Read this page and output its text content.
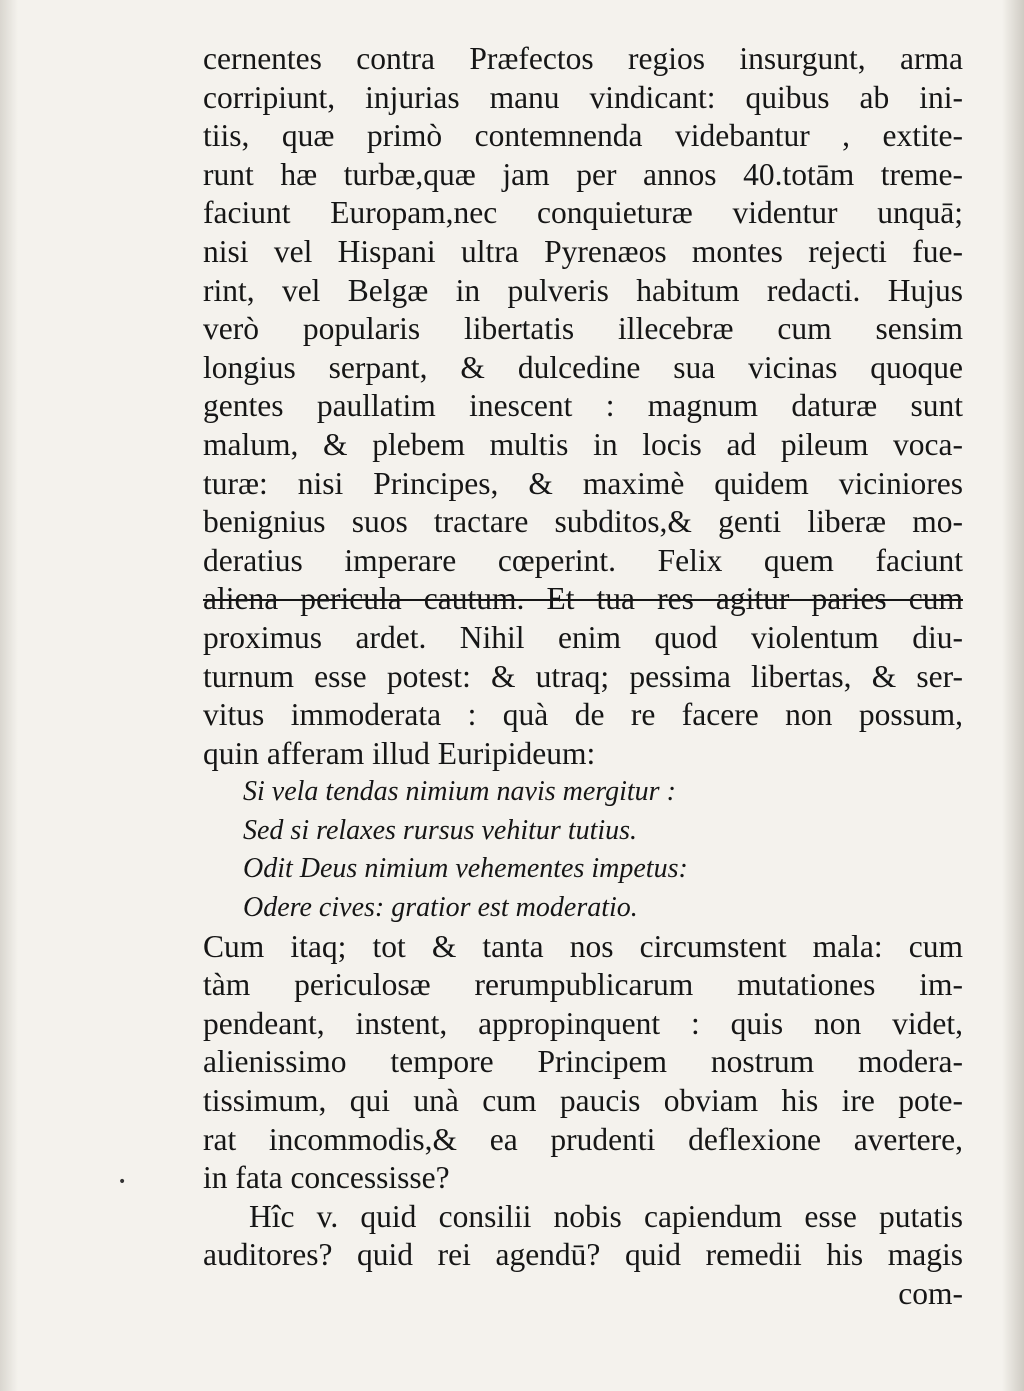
cernentes contra Præfectos regios insurgunt, arma
corripiunt, injurias manu vindicant: quibus ab ini-
tiis, quæ primò contemnenda videbantur , extite-
runt hæ turbæ,quæ jam per annos 40.totām treme-
faciunt Europam,nec conquieturæ videntur unquā;
nisi vel Hispani ultra Pyrenæos montes rejecti fue-
rint, vel Belgæ in pulveris habitum redacti. Hujus
verò popularis libertatis illecebræ cum sensim
longius serpant, & dulcedine sua vicinas quoque
gentes paullatim inescent : magnum daturæ sunt
malum, & plebem multis in locis ad pileum voca-
turæ: nisi Principes, & maximè quidem viciniores
benignius suos tractare subditos,& genti liberæ mo-
deratius imperare cœperint. Felix quem faciunt
aliena pericula cautum. Et tua res agitur paries cum
proximus ardet. Nihil enim quod violentum diu-
turnum esse potest: & utraq; pessima libertas, & ser-
vitus immoderata : quà de re facere non possum,
quin afferam illud Euripideum:
Si vela tendas nimium navis mergitur :
Sed si relaxes rursus vehitur tutius.
Odit Deus nimium vehementes impetus:
Odere cives: gratior est moderatio.
Cum itaq; tot & tanta nos circumstent mala: cum
tàm periculosæ rerumpublicarum mutationes im-
pendeant, instent, appropinquent : quis non videt,
alienissimo tempore Principem nostrum modera-
tissimum, qui unà cum paucis obviam his ire pote-
rat incommodis,& ea prudenti deflexione avertere,
in fata concessisse?
Hîc v. quid consilii nobis capiendum esse putatis
auditores? quid rei agendū? quid remedii his magis
com-
•
